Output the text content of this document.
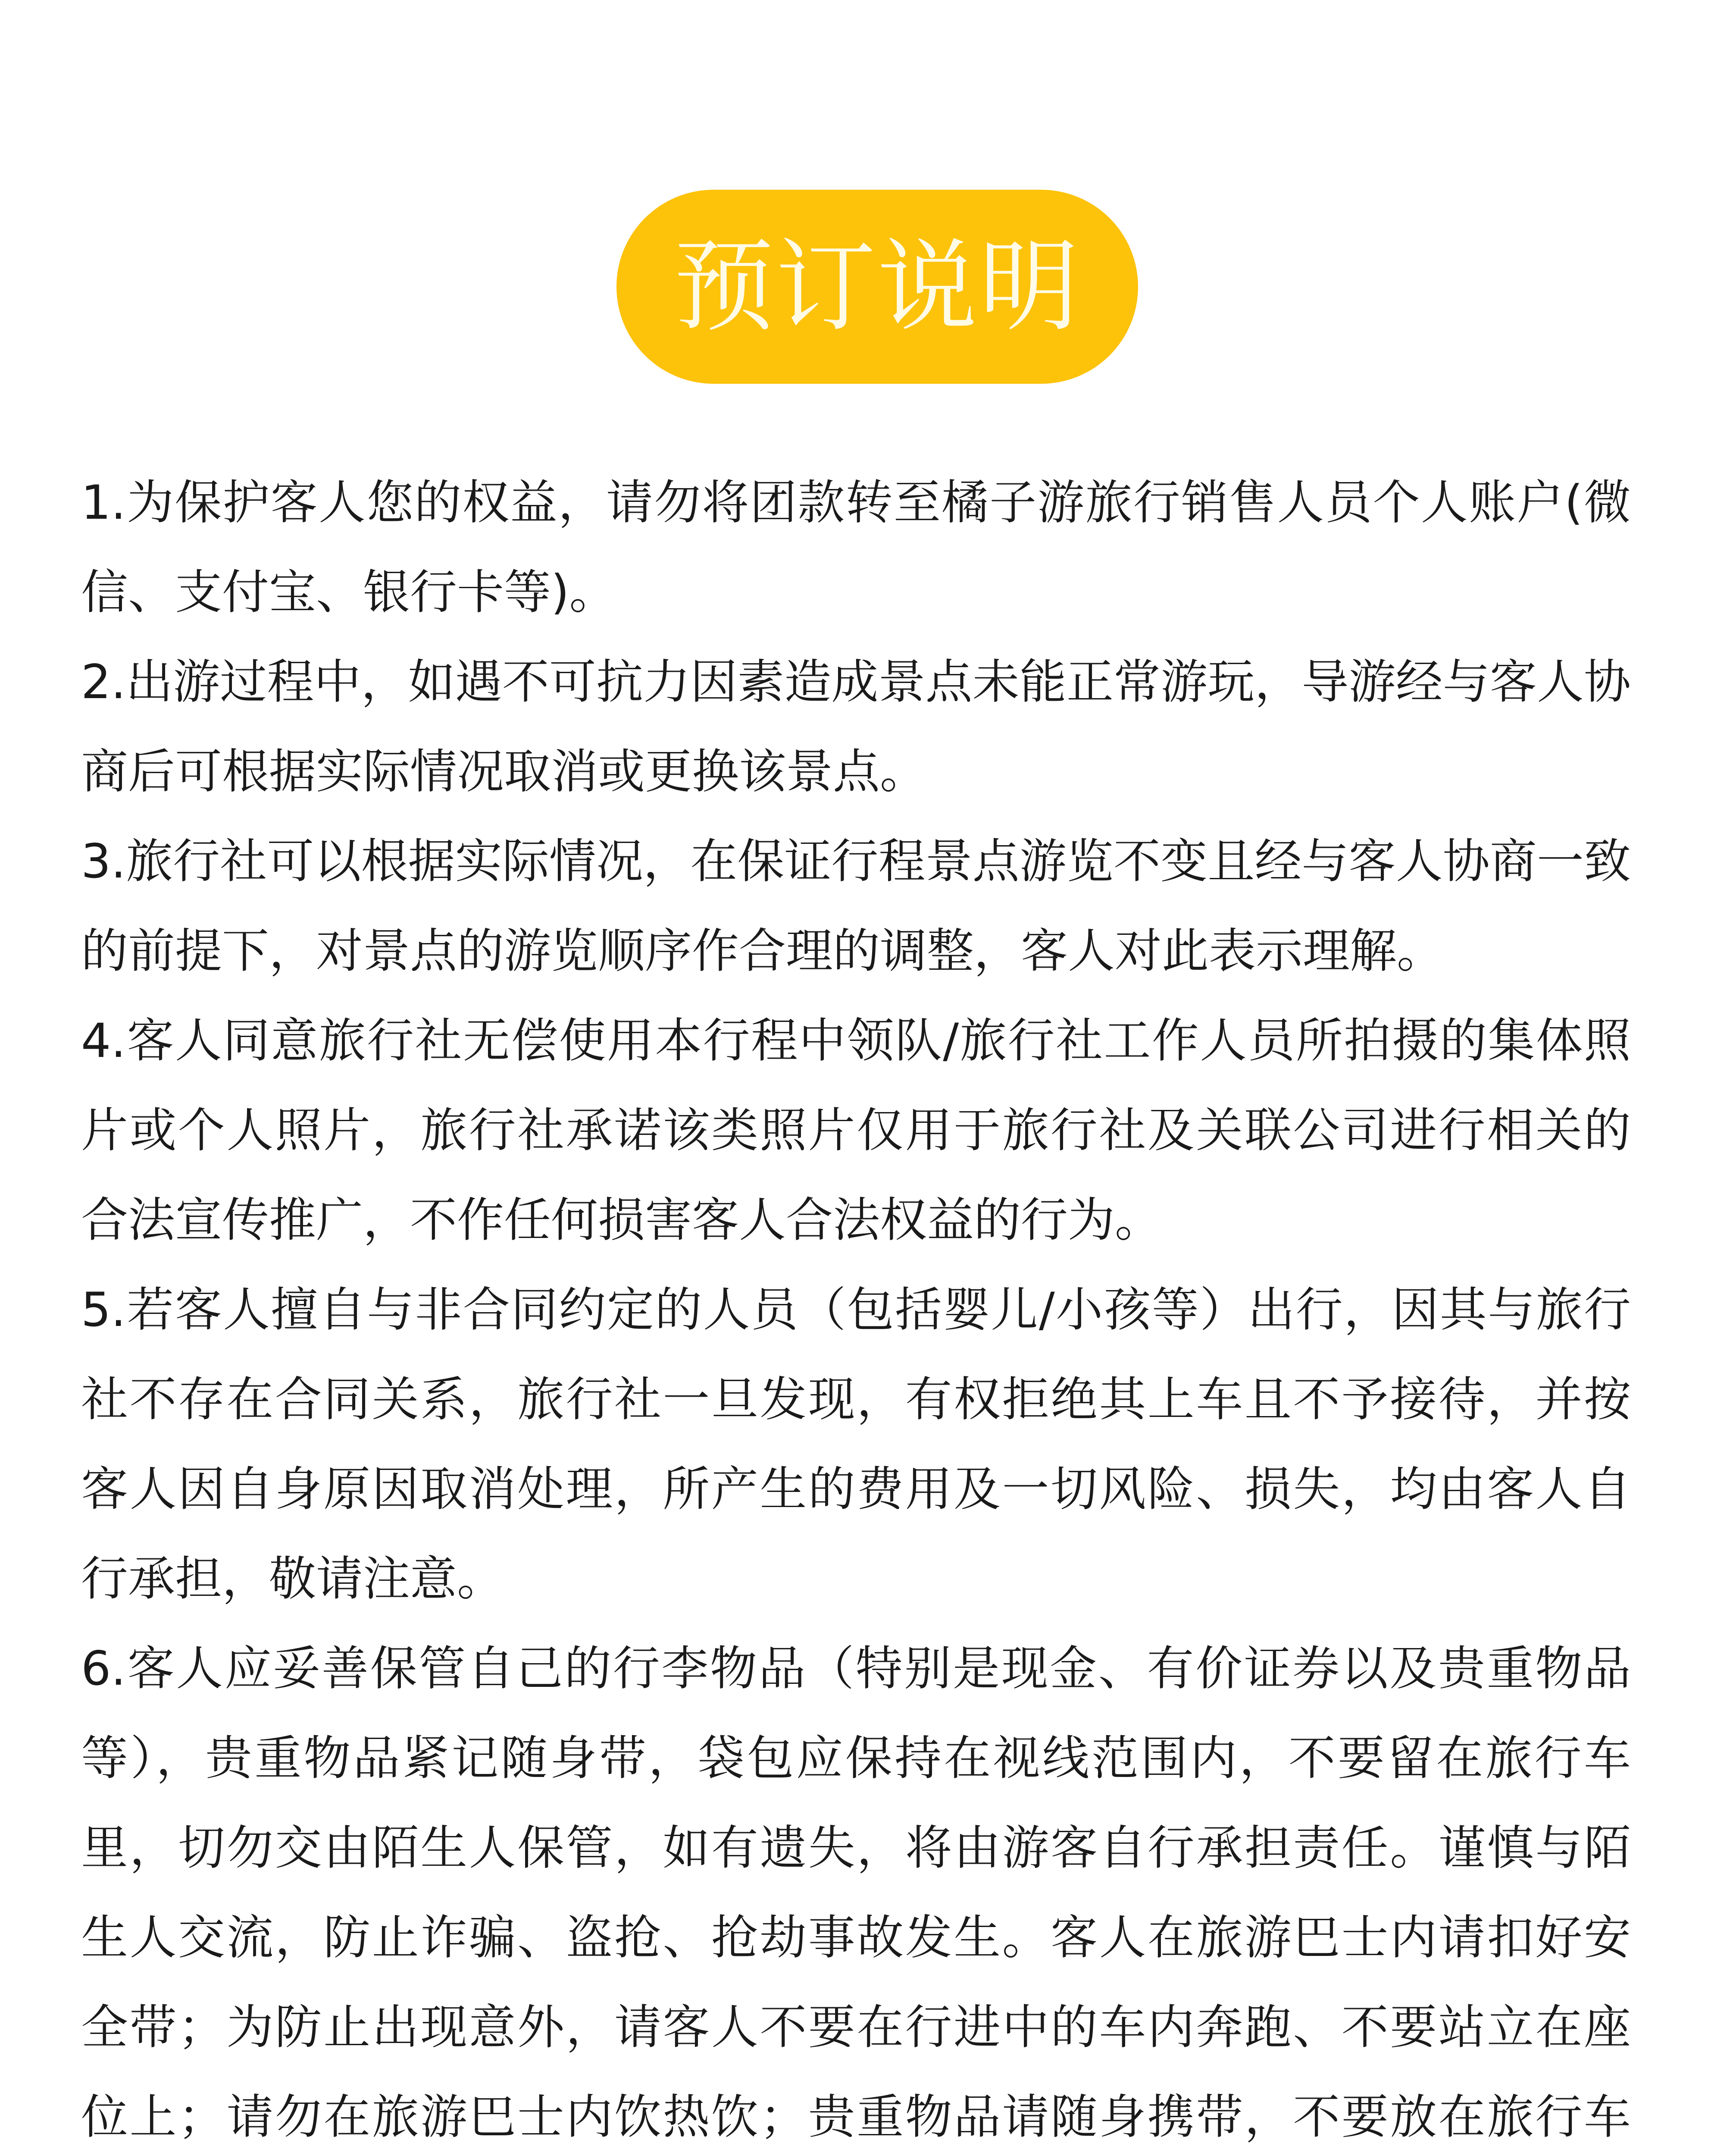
预订说明

1.为保护客人您的权益，请勿将团款转至橘子游旅行销售人员个人账户(微信、支付宝、银行卡等)。

2.出游过程中，如遇不可抗力因素造成景点未能正常游玩，导游经与客人协商后可根据实际情况取消或更换该景点。

3.旅行社可以根据实际情况，在保证行程景点游览不变且经与客人协商一致的前提下，对景点的游览顺序作合理的调整，客人对此表示理解。

4.客人同意旅行社无偿使用本行程中领队/旅行社工作人员所拍摄的集体照片或个人照片，旅行社承诺该类照片仅用于旅行社及关联公司进行相关的合法宣传推广，不作任何损害客人合法权益的行为。

5.若客人擅自与非合同约定的人员（包括婴儿/小孩等）出行，因其与旅行社不存在合同关系，旅行社一旦发现，有权拒绝其上车且不予接待，并按客人因自身原因取消处理，所产生的费用及一切风险、损失，均由客人自行承担，敬请注意。

6.客人应妥善保管自己的行李物品（特别是现金、有价证券以及贵重物品等），贵重物品紧记随身带，袋包应保持在视线范围内，不要留在旅行车里，切勿交由陌生人保管，如有遗失，将由游客自行承担责任。谨慎与陌生人交流，防止诈骗、盗抢、抢劫事故发生。客人在旅游巴士内请扣好安全带；为防止出现意外，请客人不要在行进中的车内奔跑、不要站立在座位上；请勿在旅游巴士内饮热饮；贵重物品请随身携带，不要放在旅行车
